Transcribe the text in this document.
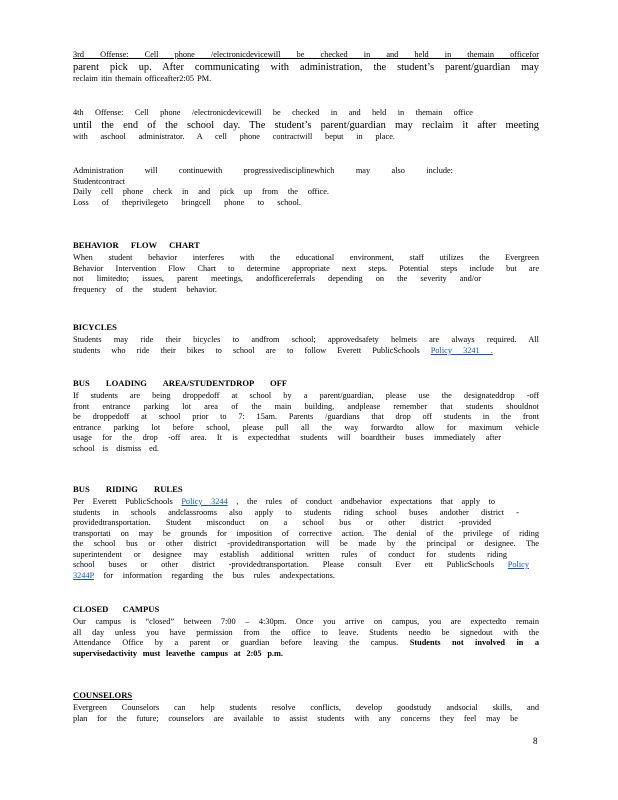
3rd Offense: Cell phone /electronicdevicewill be checked in and held in themain officefor
parent pick up. After communicating with administration, the student’s parent/guardian may
reclaim itin themain officeafter2:05 PM.
4th Offense: Cell phone /electronicdevicewill be checked in and held in themain office
until the end of the school day. The student’s parent/guardian may reclaim it after meeting
with aschool administrator. A cell phone contractwill beput in place.
Administration will continuewith progressivedisciplinewhich may also include:
Studentcontract
Daily cell phone check in and pick up from the office.
Loss of theprivilegeto bringcell phone to school.
BEHAVIOR FLOW CHART
When student behavior interferes with the educational environment, staff utilizes the Evergreen
Behavior Intervention Flow Chart to determine appropriate next steps. Potential steps include but are
not limitedto; issues, parent meetings, andofficereferrals depending on the severity and/or
frequency of the student behavior.
BICYCLES
Students may ride their bicycles to andfrom school; approvedsafety helmets are always required. All
students who ride their bikes to school are to follow Everett PublicSchools Policy 3241 .
BUS LOADING AREA/STUDENTDROP OFF
If students are being droppedoff at school by a parent/guardian, please use the designateddrop -off
front entrance parking lot area of the main building, andplease remember that students shouldnot
be droppedoff at school prior to 7: 15am. Parents /guardians that drop off students in the front
entrance parking lot before school, please pull all the way forwardto allow for maximum vehicle
usage for the drop -off area. It is expectedthat students will boardtheir buses immediately after
school is dismiss ed.
BUS RIDING RULES
Per Everett PublicSchools Policy 3244 , the rules of conduct andbehavior expectations that apply to
students in schools andclassrooms also apply to students riding school buses andother district -
providedtransportation. Student misconduct on a school bus or other district -provided
transportati on may be grounds for imposition of corrective action. The denial of the privilege of riding
the school bus or other district -providedtransportation will be made by the principal or designee. The
superintendent or designee may establish additional written rules of conduct for students riding
school buses or other district -providedtransportation. Please consult Ever ett PublicSchools Policy
3244P for information regarding the bus rules andexpectations.
CLOSED CAMPUS
Our campus is “closed” between 7:00 – 4:30pm. Once you arrive on campus, you are expectedto remain
all day unless you have permission from the office to leave. Students needto be signedout with the
Attendance Office by a parent or guardian before leaving the campus. Students not involved in a
supervisedactivity must leavethe campus at 2:05 p.m.
COUNSELORS
Evergreen Counselors can help students resolve conflicts, develop goodstudy andsocial skills, and
plan for the future; counselors are available to assist students with any concerns they feel may be
8
